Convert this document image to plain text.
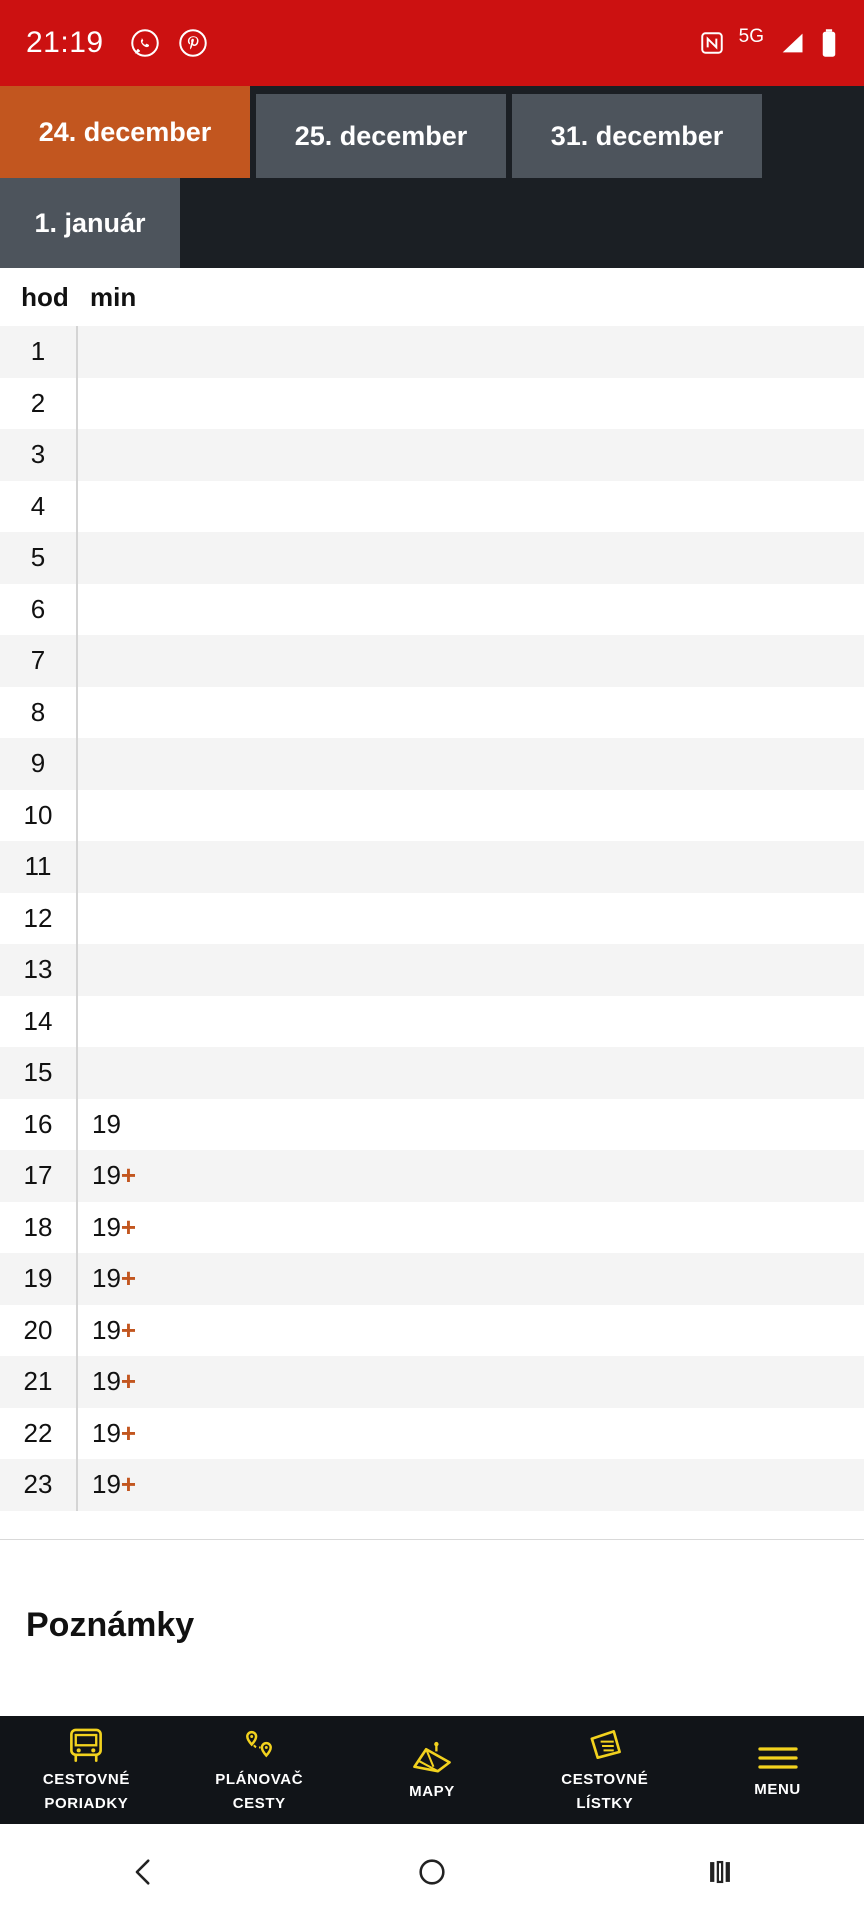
21:19	5G
24. december	25. december	31. december
1. január
hod min
1
2
3
4
5
6
7
8
9
10
11
12
13
14
15
16	19
17	19 +
18	19 +
19	19 +
20	19 +
21	19 +
22	19 +
23	19 +
Poznámky
CESTOVNÉ
PORIADKY
PLÁNOVAČ
CESTY
MAPY
CESTOVNÉ
LÍSTKY
MENU
